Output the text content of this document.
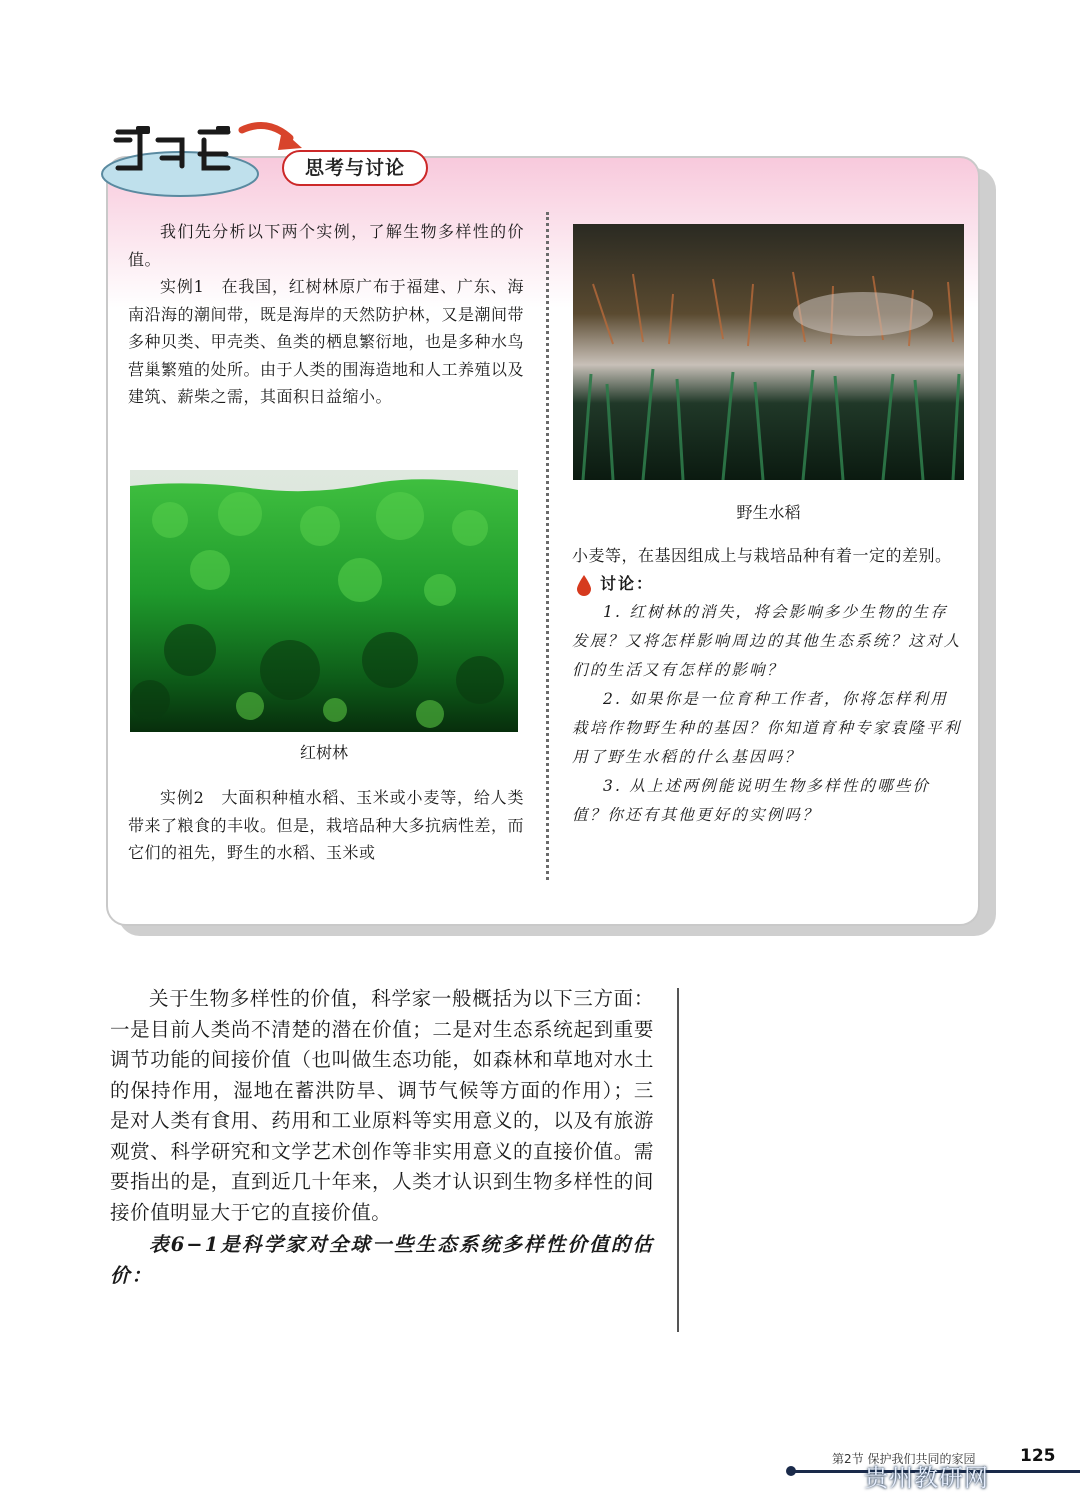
思考与讨论

我们先分析以下两个实例，了解生物多样性的价值。

实例1　在我国，红树林原广布于福建、广东、海南沿海的潮间带，既是海岸的天然防护林，又是潮间带多种贝类、甲壳类、鱼类的栖息繁衍地，也是多种水鸟营巢繁殖的处所。由于人类的围海造地和人工养殖以及建筑、薪柴之需，其面积日益缩小。

红树林

实例2　大面积种植水稻、玉米或小麦等，给人类带来了粮食的丰收。但是，栽培品种大多抗病性差，而它们的祖先，野生的水稻、玉米或

野生水稻

小麦等，在基因组成上与栽培品种有着一定的差别。

讨论：

1. 红树林的消失，将会影响多少生物的生存发展？又将怎样影响周边的其他生态系统？这对人们的生活又有怎样的影响？

2. 如果你是一位育种工作者，你将怎样利用栽培作物野生种的基因？你知道育种专家袁隆平利用了野生水稻的什么基因吗？

3. 从上述两例能说明生物多样性的哪些价值？你还有其他更好的实例吗？

关于生物多样性的价值，科学家一般概括为以下三方面：一是目前人类尚不清楚的潜在价值；二是对生态系统起到重要调节功能的间接价值（也叫做生态功能，如森林和草地对水土的保持作用，湿地在蓄洪防旱、调节气候等方面的作用）；三是对人类有食用、药用和工业原料等实用意义的，以及有旅游观赏、科学研究和文学艺术创作等非实用意义的直接价值。需要指出的是，直到近几十年来，人类才认识到生物多样性的间接价值明显大于它的直接价值。

表6−1是科学家对全球一些生态系统多样性价值的估价：

第2节 保护我们共同的家园	125
贵州教研网
